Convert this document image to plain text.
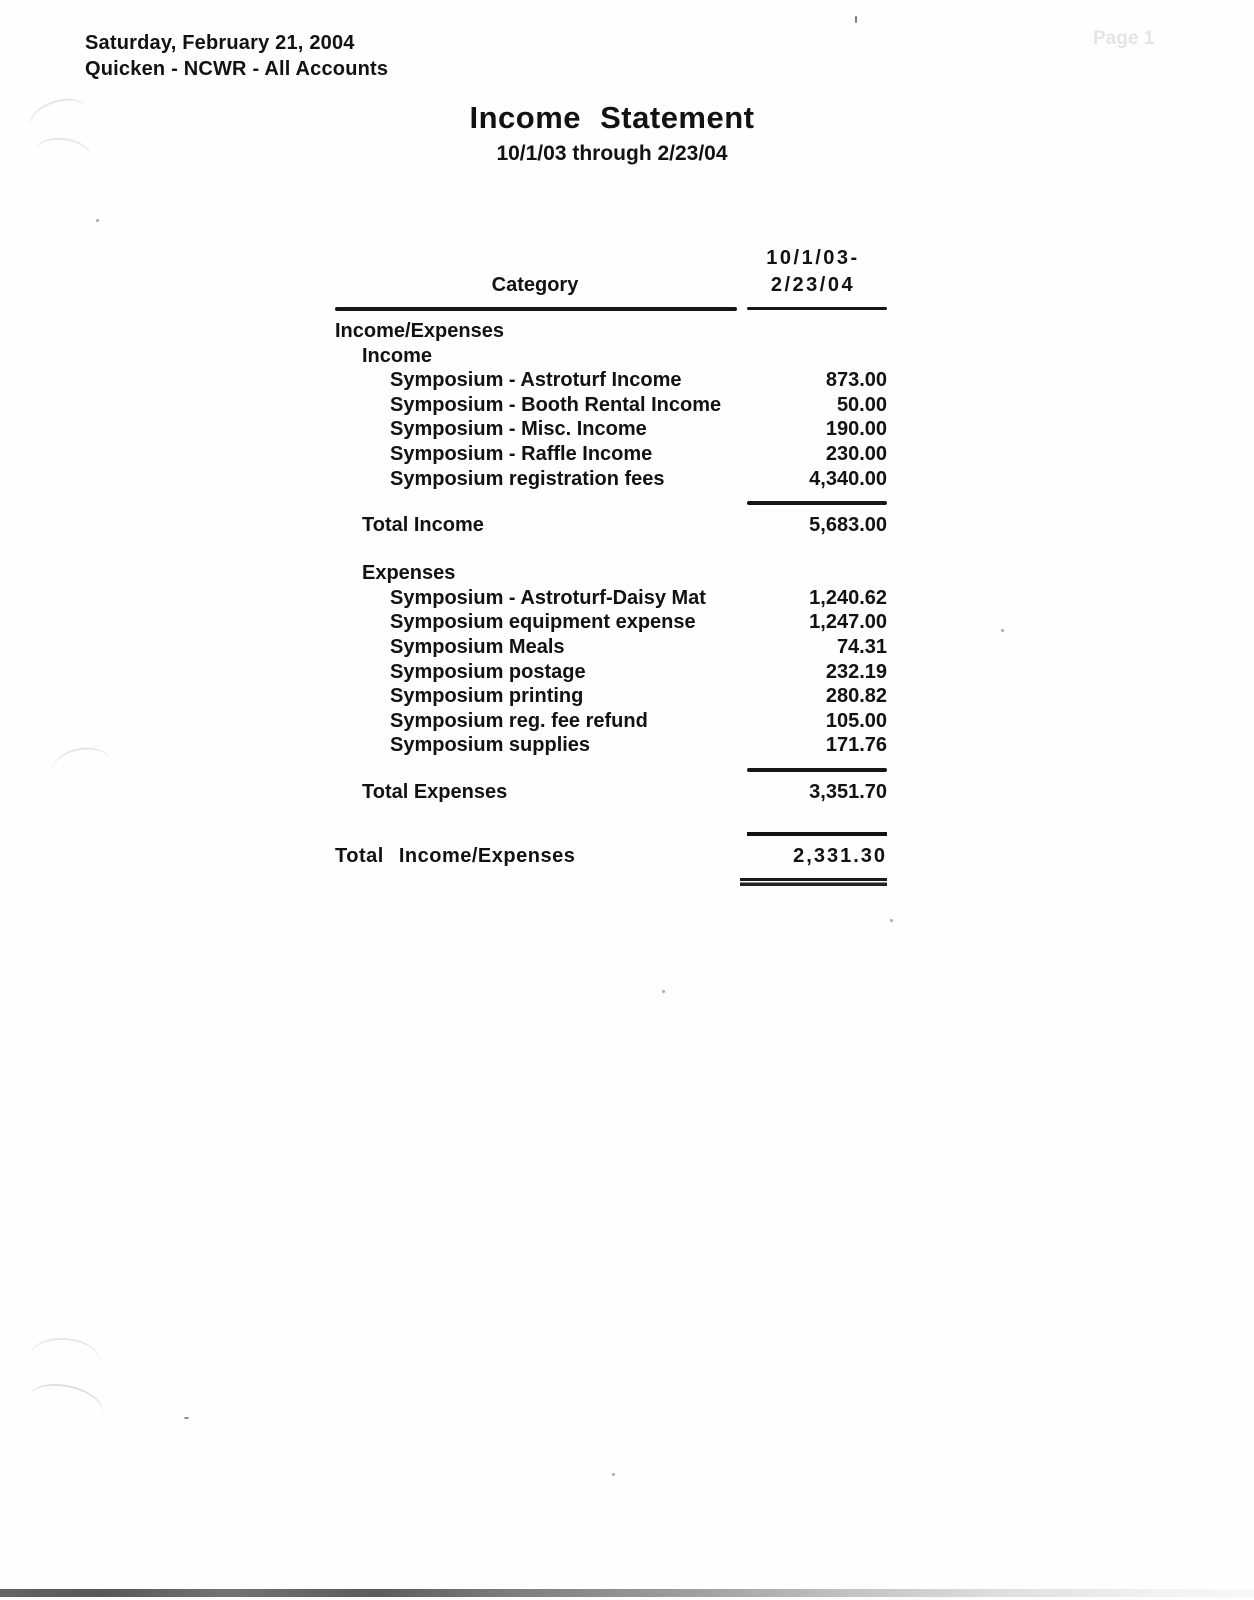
Saturday, February 21, 2004
Quicken - NCWR - All Accounts
Page 1
Income Statement
10/1/03 through 2/23/04
Category
10/1/03-
2/23/04
Income/Expenses
Income
Symposium - Astroturf Income	873.00
Symposium - Booth Rental Income	50.00
Symposium - Misc. Income	190.00
Symposium - Raffle Income	230.00
Symposium registration fees	4,340.00
Total Income	5,683.00
Expenses
Symposium - Astroturf-Daisy Mat	1,240.62
Symposium equipment expense	1,247.00
Symposium Meals	74.31
Symposium postage	232.19
Symposium printing	280.82
Symposium reg. fee refund	105.00
Symposium supplies	171.76
Total Expenses	3,351.70
Total Income/Expenses	2,331.30
